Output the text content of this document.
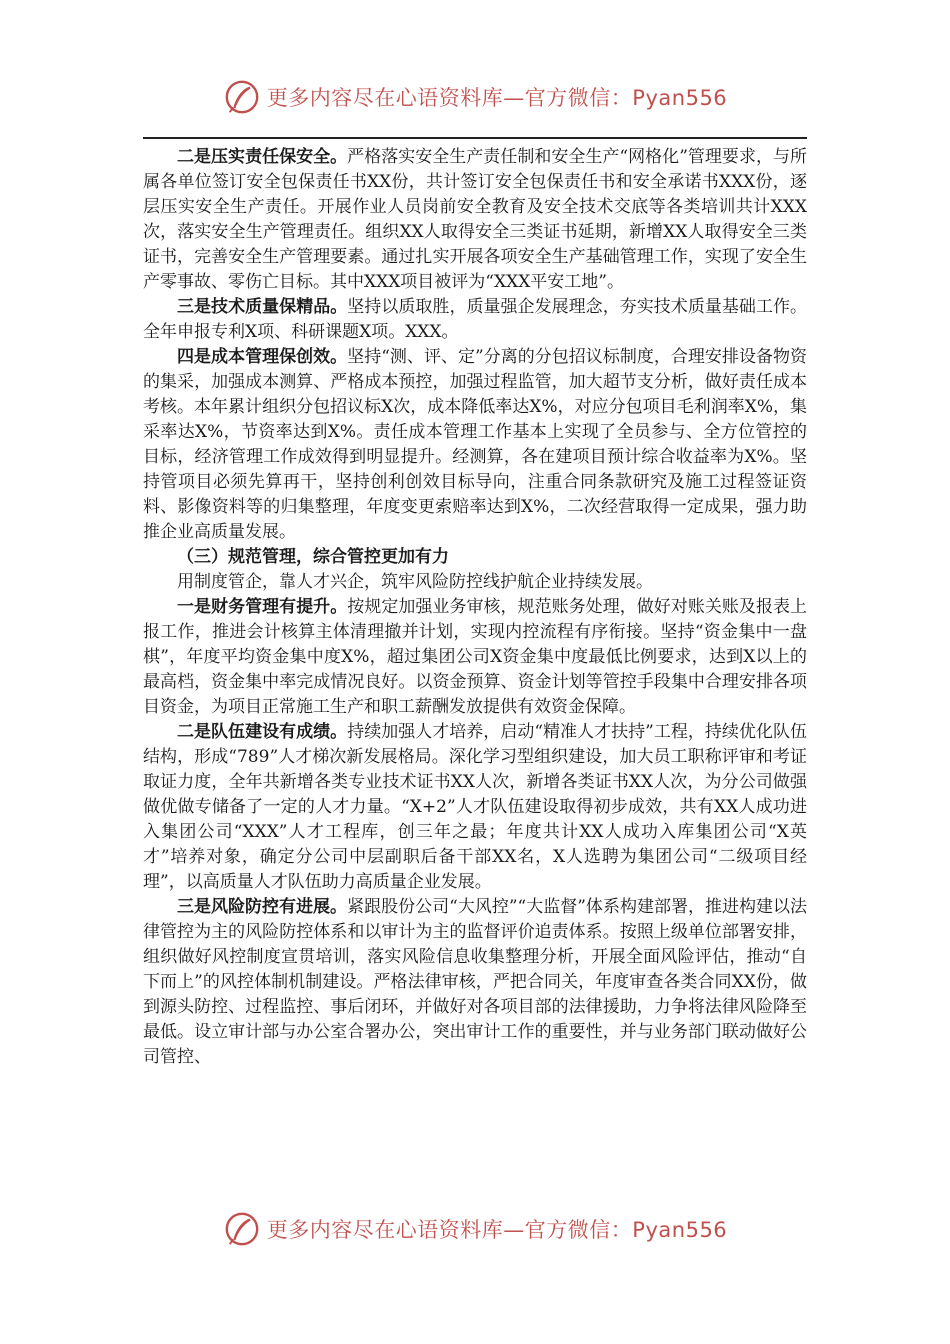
更多内容尽在心语资料库—官方微信：Pyan556

二是压实责任保安全。严格落实安全生产责任制和安全生产“网格化”管理要求，与所属各单位签订安全包保责任书XX份，共计签订安全包保责任书和安全承诺书XXX份，逐层压实安全生产责任。开展作业人员岗前安全教育及安全技术交底等各类培训共计XXX次，落实安全生产管理责任。组织XX人取得安全三类证书延期，新增XX人取得安全三类证书，完善安全生产管理要素。通过扎实开展各项安全生产基础管理工作，实现了安全生产零事故、零伤亡目标。其中XXX项目被评为“XXX平安工地”。

三是技术质量保精品。坚持以质取胜，质量强企发展理念，夯实技术质量基础工作。全年申报专利X项、科研课题X项。XXX。

四是成本管理保创效。坚持“测、评、定”分离的分包招议标制度，合理安排设备物资的集采，加强成本测算、严格成本预控，加强过程监管，加大超节支分析，做好责任成本考核。本年累计组织分包招议标X次，成本降低率达X%，对应分包项目毛利润率X%，集采率达X%，节资率达到X%。责任成本管理工作基本上实现了全员参与、全方位管控的目标，经济管理工作成效得到明显提升。经测算，各在建项目预计综合收益率为X%。坚持管项目必须先算再干，坚持创利创效目标导向，注重合同条款研究及施工过程签证资料、影像资料等的归集整理，年度变更索赔率达到X%，二次经营取得一定成果，强力助推企业高质量发展。

（三）规范管理，综合管控更加有力

用制度管企，靠人才兴企，筑牢风险防控线护航企业持续发展。

一是财务管理有提升。按规定加强业务审核，规范账务处理，做好对账关账及报表上报工作，推进会计核算主体清理撤并计划，实现内控流程有序衔接。坚持“资金集中一盘棋”，年度平均资金集中度X%，超过集团公司X资金集中度最低比例要求，达到X以上的最高档，资金集中率完成情况良好。以资金预算、资金计划等管控手段集中合理安排各项目资金，为项目正常施工生产和职工薪酬发放提供有效资金保障。

二是队伍建设有成绩。持续加强人才培养，启动“精准人才扶持”工程，持续优化队伍结构，形成“789”人才梯次新发展格局。深化学习型组织建设，加大员工职称评审和考证取证力度，全年共新增各类专业技术证书XX人次，新增各类证书XX人次，为分公司做强做优做专储备了一定的人才力量。“X+2”人才队伍建设取得初步成效，共有XX人成功进入集团公司“XXX”人才工程库，创三年之最；年度共计XX人成功入库集团公司“X英才”培养对象，确定分公司中层副职后备干部XX名，X人选聘为集团公司“二级项目经理”，以高质量人才队伍助力高质量企业发展。

三是风险防控有进展。紧跟股份公司“大风控”“大监督”体系构建部署，推进构建以法律管控为主的风险防控体系和以审计为主的监督评价追责体系。按照上级单位部署安排，组织做好风控制度宣贯培训，落实风险信息收集整理分析，开展全面风险评估，推动“自下而上”的风控体制机制建设。严格法律审核，严把合同关，年度审查各类合同XX份，做到源头防控、过程监控、事后闭环，并做好对各项目部的法律援助，力争将法律风险降至最低。设立审计部与办公室合署办公，突出审计工作的重要性，并与业务部门联动做好公司管控、

更多内容尽在心语资料库—官方微信：Pyan556
